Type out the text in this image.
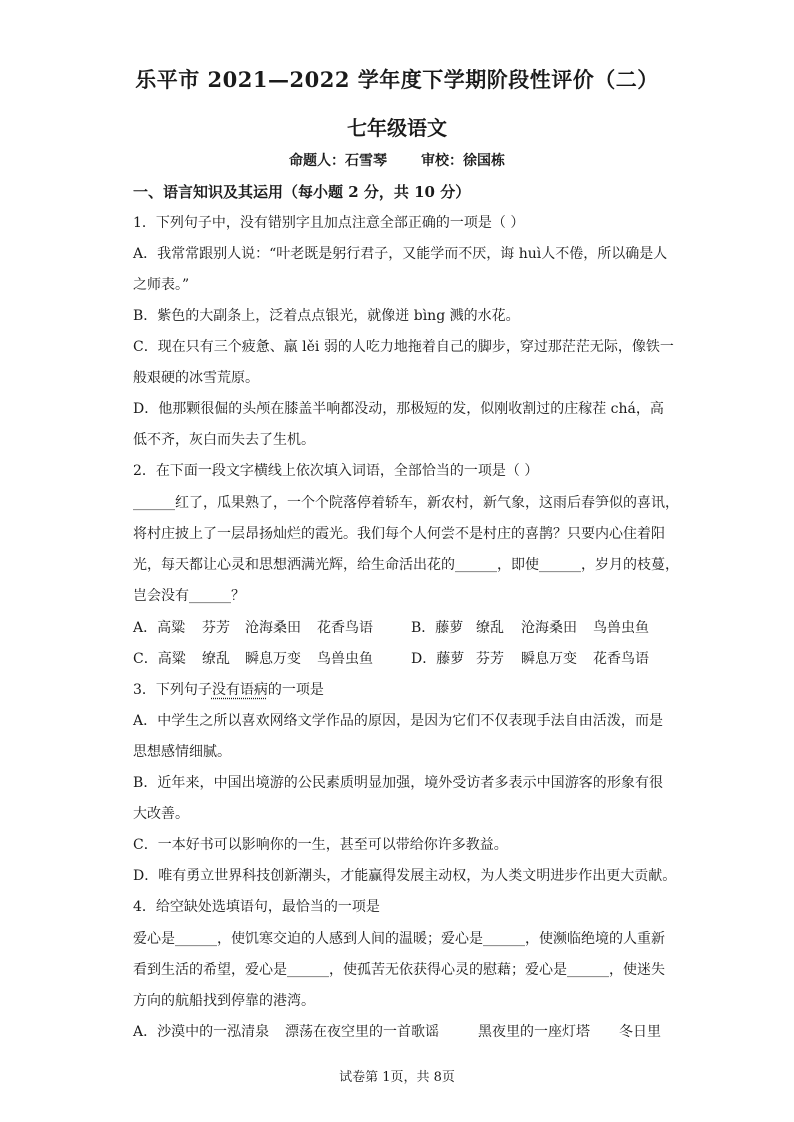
乐平市 2021—2022 学年度下学期阶段性评价（二）
七年级语文
命题人：石雪琴 审校：徐国栋
一、语言知识及其运用（每小题 2 分，共 10 分）
1．下列句子中，没有错别字且加点注意全部正确的一项是（ ）
A．我常常跟别人说：“叶老既是躬行君子，又能学而不厌，诲 huì人不倦，所以确是人
之师表。”
B．紫色的大副条上，泛着点点银光，就像迸 bìng 溅的水花。
C．现在只有三个疲惫、羸 lěi 弱的人吃力地拖着自己的脚步，穿过那茫茫无际，像铁一
般艰硬的冰雪荒原。
D．他那颗很倔的头颅在膝盖半响都没动，那极短的发，似刚收割过的庄稼茬 chá，高
低不齐，灰白而失去了生机。
2．在下面一段文字横线上依次填入词语，全部恰当的一项是（ ）
______红了，瓜果熟了，一个个院落停着轿车，新农村，新气象，这雨后春笋似的喜讯，
将村庄披上了一层昂扬灿烂的霞光。我们每个人何尝不是村庄的喜鹊？只要内心住着阳
光，每天都让心灵和思想洒满光辉，给生命活出花的______，即使______，岁月的枝蔓，
岂会没有______？
A．高粱 芬芳 沧海桑田 花香鸟语	B．藤萝 缭乱 沧海桑田 鸟兽虫鱼
C．高粱 缭乱 瞬息万变 鸟兽虫鱼	D．藤萝 芬芳 瞬息万变 花香鸟语
3．下列句子没有语病的一项是
A．中学生之所以喜欢网络文学作品的原因，是因为它们不仅表现手法自由活泼，而是
思想感情细腻。
B．近年来，中国出境游的公民素质明显加强，境外受访者多表示中国游客的形象有很
大改善。
C．一本好书可以影响你的一生，甚至可以带给你许多教益。
D．唯有勇立世界科技创新潮头，才能赢得发展主动权，为人类文明进步作出更大贡献。
4．给空缺处选填语句，最恰当的一项是
爱心是______，使饥寒交迫的人感到人间的温暖；爱心是______，使濒临绝境的人重新
看到生活的希望，爱心是______，使孤苦无依获得心灵的慰藉；爱心是______，使迷失
方向的航船找到停靠的港湾。
A．沙漠中的一泓清泉 漂荡在夜空里的一首歌谣	黑夜里的一座灯塔 冬日里
试卷第 1页，共 8页
